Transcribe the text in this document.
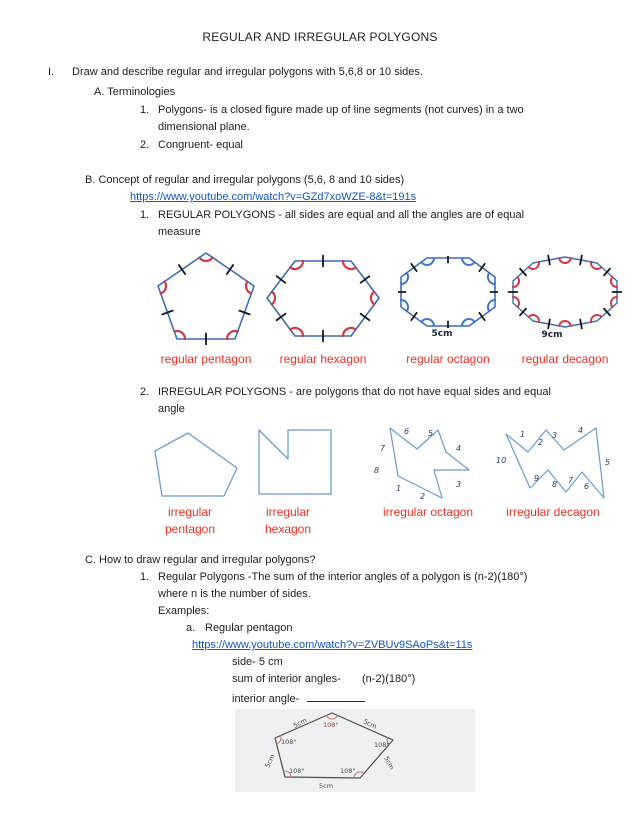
REGULAR AND IRREGULAR POLYGONS
I. Draw and describe regular and irregular polygons with 5,6,8 or 10 sides.
A. Terminologies
1. Polygons- is a closed figure made up of line segments (not curves) in a two
dimensional plane.
2. Congruent- equal
B. Concept of regular and irregular polygons (5,6, 8 and 10 sides)
https://www.youtube.com/watch?v=GZd7xoWZE-8&t=191s
1. REGULAR POLYGONS - all sides are equal and all the angles are of equal
measure
5cm	9cm
regular pentagon regular hexagon	regular octagon	regular decagon
2. IRREGULAR POLYGONS - are polygons that do not have equal sides and equal
angle
6 5
7	4
8
3
1
2
1
2
3
4
5
6
7
8
9
10
irregular
pentagon
irregular
hexagon
irregular octagon	irregular decagon
C. How to draw regular and irregular polygons?
1. Regular Polygons -The sum of the interior angles of a polygon is (n-2)(180°)
where n is the number of sides.
Examples:
a. Regular pentagon
https://www.youtube.com/watch?v=ZVBUv9SAoPs&t=11s
side- 5 cm
sum of interior angles- (n-2)(180°)
interior angle-
108°
108°	108°
108°	108°
5cm	5cm
5cm
5cm
5cm
